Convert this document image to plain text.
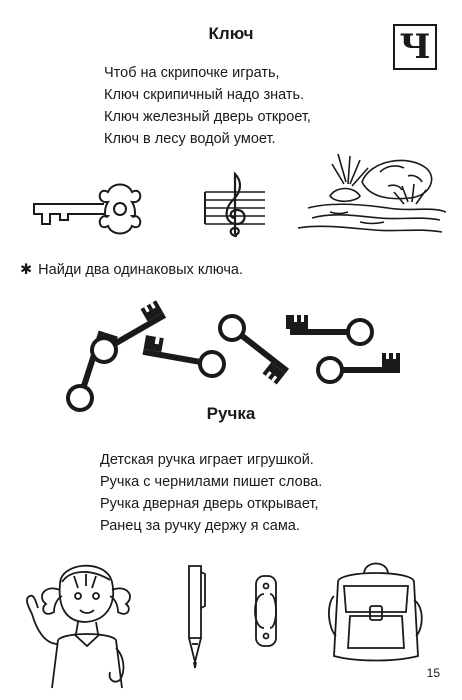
Ключ	Ч
Чтоб на скрипочке играть,
Ключ скрипичный надо знать.
Ключ железный дверь откроет,
Ключ в лесу водой умоет.
✱ Найди два одинаковых ключа.
Ручка
Детская ручка играет игрушкой.
Ручка с чернилами пишет слова.
Ручка дверная дверь открывает,
Ранец за ручку держу я сама.
15
